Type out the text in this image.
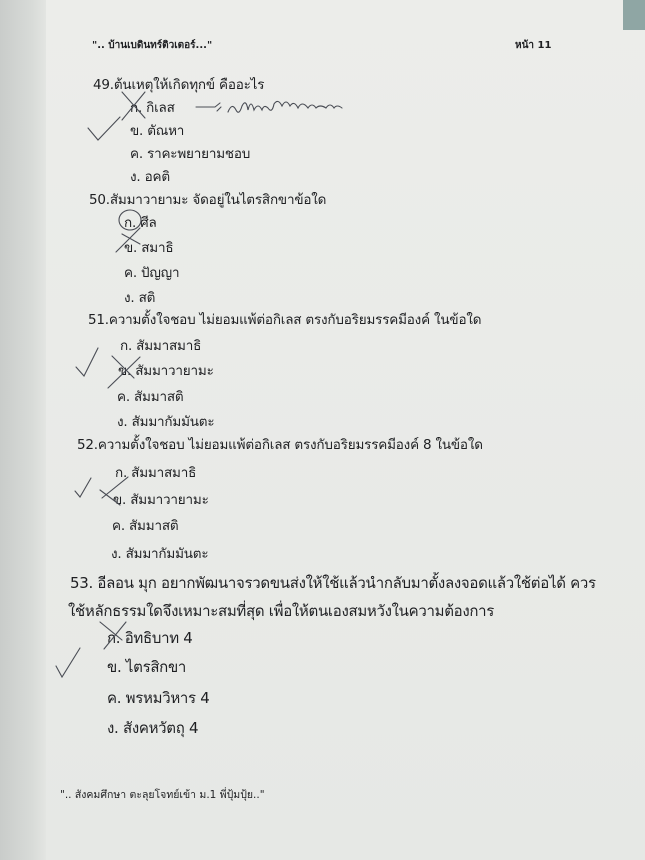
".. บ้านเบดินทร์ติวเตอร์..."	หน้า 11
49.ต้นเหตุให้เกิดทุกข์ คืออะไร
ก. กิเลส
ข. ตัณหา
ค. ราคะพยายามชอบ
ง. อคติ
50.สัมมาวายามะ จัดอยู่ในไตรสิกขาข้อใด
ก. ศีล
ข. สมาธิ
ค. ปัญญา
ง. สติ
51.ความตั้งใจชอบ ไม่ยอมแพ้ต่อกิเลส ตรงกับอริยมรรคมีองค์ ในข้อใด
ก. สัมมาสมาธิ
ข. สัมมาวายามะ
ค. สัมมาสติ
ง. สัมมากัมมันตะ
52.ความตั้งใจชอบ ไม่ยอมแพ้ต่อกิเลส ตรงกับอริยมรรคมีองค์ 8 ในข้อใด
ก. สัมมาสมาธิ
ข. สัมมาวายามะ
ค. สัมมาสติ
ง. สัมมากัมมันตะ
53. อีลอน มุก อยากพัฒนาจรวดขนส่งให้ใช้แล้วนำกลับมาตั้งลงจอดแล้วใช้ต่อได้ ควร
ใช้หลักธรรมใดจึงเหมาะสมที่สุด เพื่อให้ตนเองสมหวังในความต้องการ
ก. อิทธิบาท 4
ข. ไตรสิกขา
ค. พรหมวิหาร 4
ง. สังคหวัตถุ 4
".. สังคมศึกษา ตะลุยโจทย์เข้า ม.1 พี่ปุ้มปุ้ย.."
